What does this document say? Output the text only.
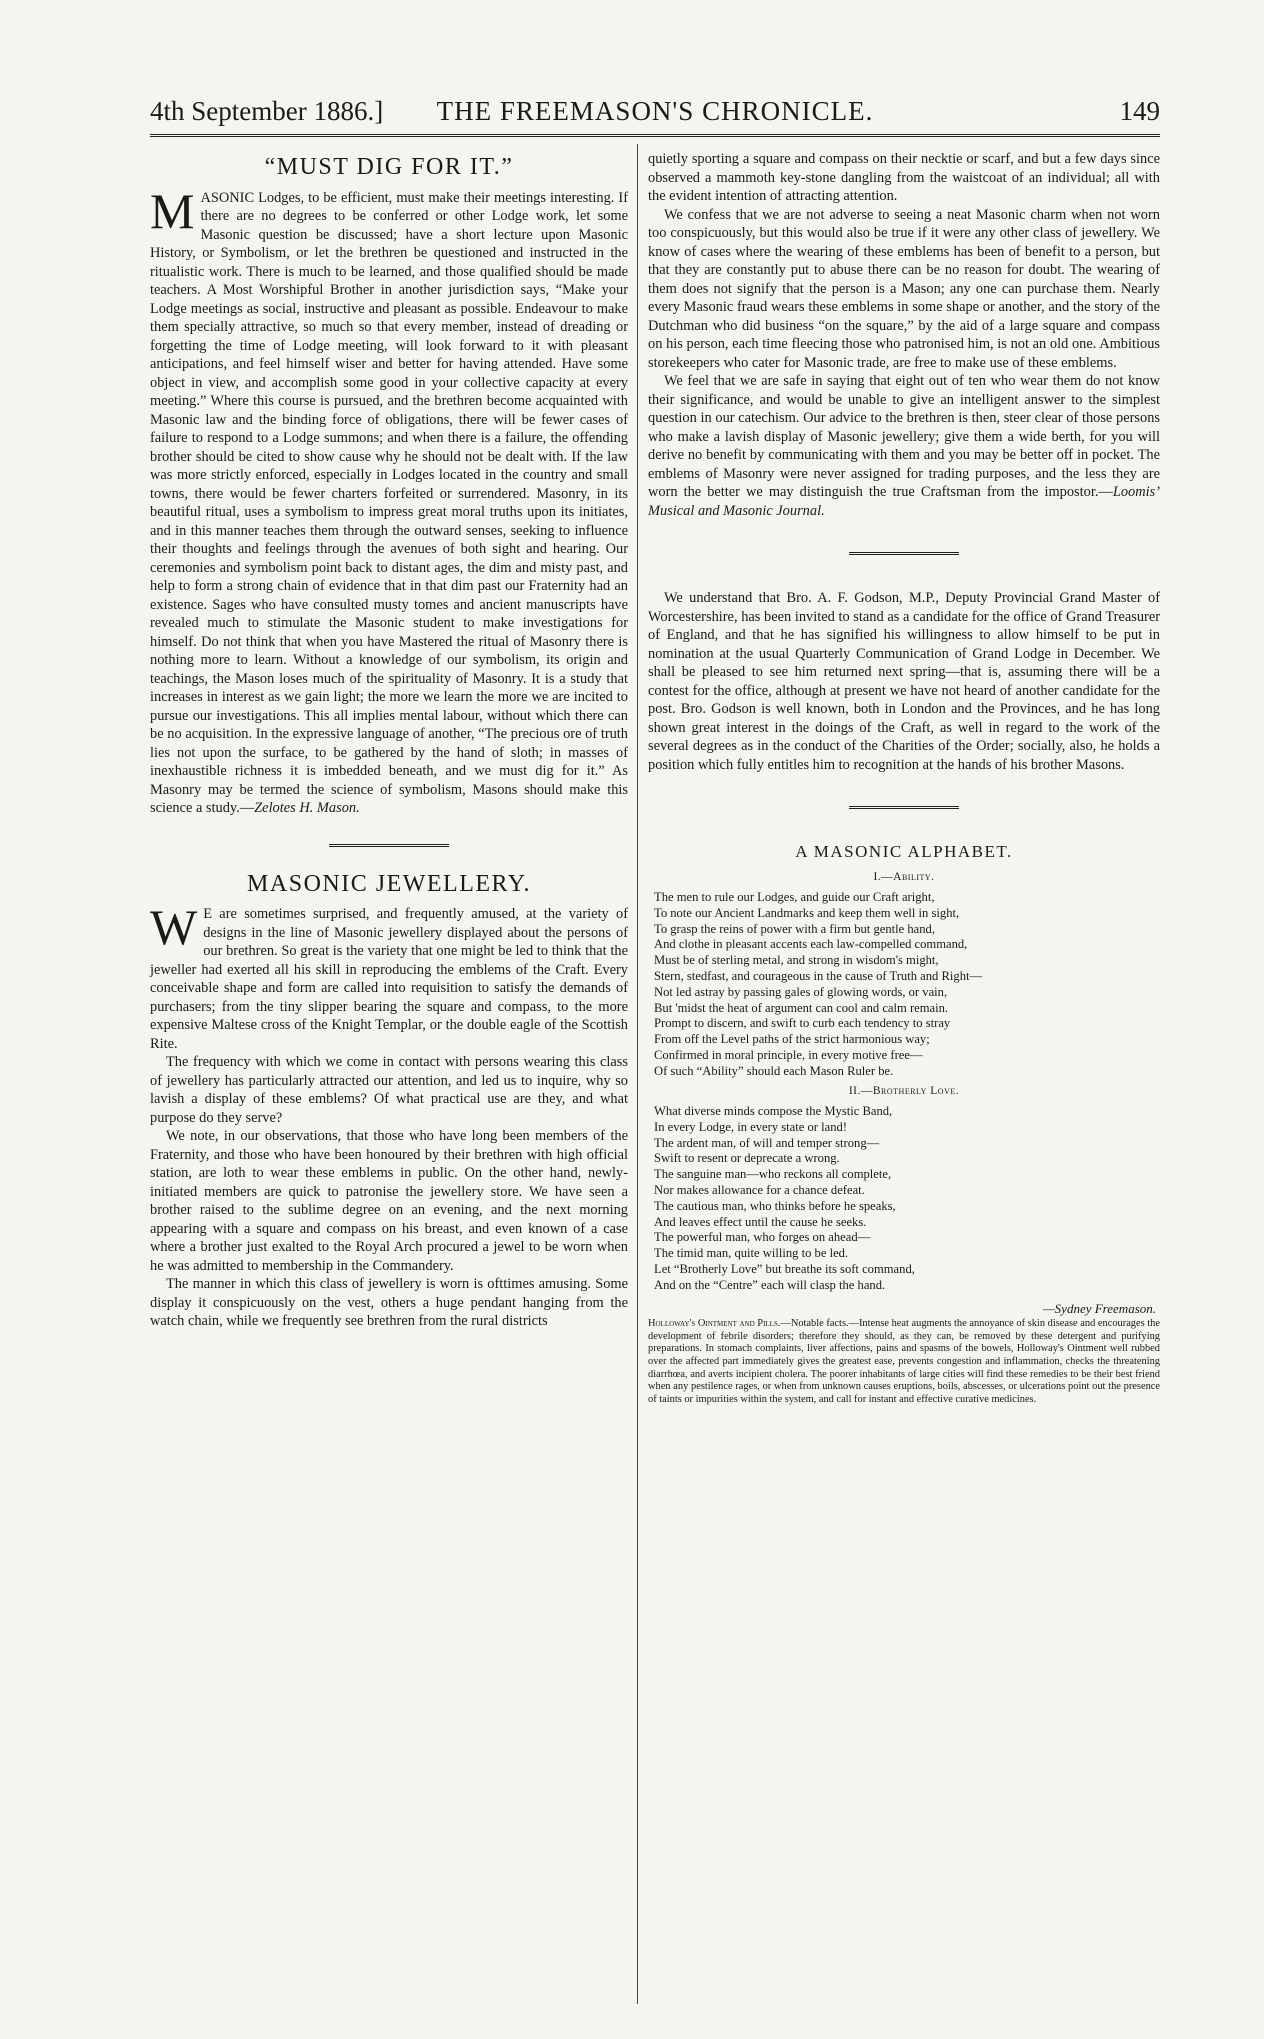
4th September 1886.]	THE FREEMASON'S CHRONICLE.	149
“MUST DIG FOR IT.”

MASONIC Lodges, to be efficient, must make their meetings interesting. If there are no degrees to be conferred or other Lodge work, let some Masonic question be discussed; have a short lecture upon Masonic History, or Symbolism, or let the brethren be questioned and instructed in the ritualistic work. There is much to be learned, and those qualified should be made teachers. A Most Worshipful Brother in another jurisdiction says, “Make your Lodge meetings as social, instructive and pleasant as possible. Endeavour to make them specially attractive, so much so that every member, instead of dreading or forgetting the time of Lodge meeting, will look forward to it with pleasant anticipations, and feel himself wiser and better for having attended. Have some object in view, and accomplish some good in your collective capacity at every meeting.” Where this course is pursued, and the brethren become acquainted with Masonic law and the binding force of obligations, there will be fewer cases of failure to respond to a Lodge summons; and when there is a failure, the offending brother should be cited to show cause why he should not be dealt with. If the law was more strictly enforced, especially in Lodges located in the country and small towns, there would be fewer charters forfeited or surrendered. Masonry, in its beautiful ritual, uses a symbolism to impress great moral truths upon its initiates, and in this manner teaches them through the outward senses, seeking to influence their thoughts and feelings through the avenues of both sight and hearing. Our ceremonies and symbolism point back to distant ages, the dim and misty past, and help to form a strong chain of evidence that in that dim past our Fraternity had an existence. Sages who have consulted musty tomes and ancient manuscripts have revealed much to stimulate the Masonic student to make investigations for himself. Do not think that when you have Mastered the ritual of Masonry there is nothing more to learn. Without a knowledge of our symbolism, its origin and teachings, the Mason loses much of the spirituality of Masonry. It is a study that increases in interest as we gain light; the more we learn the more we are incited to pursue our investigations. This all implies mental labour, without which there can be no acquisition. In the expressive language of another, “The precious ore of truth lies not upon the surface, to be gathered by the hand of sloth; in masses of inexhaustible richness it is imbedded beneath, and we must dig for it.” As Masonry may be termed the science of symbolism, Masons should make this science a study.—Zelotes H. Mason.

MASONIC JEWELLERY.

W E are sometimes surprised, and frequently amused, at the variety of designs in the line of Masonic jewellery displayed about the persons of our brethren. So great is the variety that one might be led to think that the jeweller had exerted all his skill in reproducing the emblems of the Craft. Every conceivable shape and form are called into requisition to satisfy the demands of purchasers; from the tiny slipper bearing the square and compass, to the more expensive Maltese cross of the Knight Templar, or the double eagle of the Scottish Rite.

The frequency with which we come in contact with persons wearing this class of jewellery has particularly attracted our attention, and led us to inquire, why so lavish a display of these emblems? Of what practical use are they, and what purpose do they serve?

We note, in our observations, that those who have long been members of the Fraternity, and those who have been honoured by their brethren with high official station, are loth to wear these emblems in public. On the other hand, newly-initiated members are quick to patronise the jewellery store. We have seen a brother raised to the sublime degree on an evening, and the next morning appearing with a square and compass on his breast, and even known of a case where a brother just exalted to the Royal Arch procured a jewel to be worn when he was admitted to membership in the Commandery.

The manner in which this class of jewellery is worn is ofttimes amusing. Some display it conspicuously on the vest, others a huge pendant hanging from the watch chain, while we frequently see brethren from the rural districts

quietly sporting a square and compass on their necktie or scarf, and but a few days since observed a mammoth key-stone dangling from the waistcoat of an individual; all with the evident intention of attracting attention.

We confess that we are not adverse to seeing a neat Masonic charm when not worn too conspicuously, but this would also be true if it were any other class of jewellery. We know of cases where the wearing of these emblems has been of benefit to a person, but that they are constantly put to abuse there can be no reason for doubt. The wearing of them does not signify that the person is a Mason; any one can purchase them. Nearly every Masonic fraud wears these emblems in some shape or another, and the story of the Dutchman who did business “on the square,” by the aid of a large square and compass on his person, each time fleecing those who patronised him, is not an old one. Ambitious storekeepers who cater for Masonic trade, are free to make use of these emblems.

We feel that we are safe in saying that eight out of ten who wear them do not know their significance, and would be unable to give an intelligent answer to the simplest question in our catechism. Our advice to the brethren is then, steer clear of those persons who make a lavish display of Masonic jewellery; give them a wide berth, for you will derive no benefit by communicating with them and you may be better off in pocket. The emblems of Masonry were never assigned for trading purposes, and the less they are worn the better we may distinguish the true Craftsman from the impostor.—Loomis’ Musical and Masonic Journal.

We understand that Bro. A. F. Godson, M.P., Deputy Provincial Grand Master of Worcestershire, has been invited to stand as a candidate for the office of Grand Treasurer of England, and that he has signified his willingness to allow himself to be put in nomination at the usual Quarterly Communication of Grand Lodge in December. We shall be pleased to see him returned next spring—that is, assuming there will be a contest for the office, although at present we have not heard of another candidate for the post. Bro. Godson is well known, both in London and the Provinces, and he has long shown great interest in the doings of the Craft, as well in regard to the work of the several degrees as in the conduct of the Charities of the Order; socially, also, he holds a position which fully entitles him to recognition at the hands of his brother Masons.

A MASONIC ALPHABET.
I.—Ability.
The men to rule our Lodges, and guide our Craft aright,
To note our Ancient Landmarks and keep them well in sight,
To grasp the reins of power with a firm but gentle hand,
And clothe in pleasant accents each law-compelled command,
Must be of sterling metal, and strong in wisdom's might,
Stern, stedfast, and courageous in the cause of Truth and Right—
Not led astray by passing gales of glowing words, or vain,
But 'midst the heat of argument can cool and calm remain.
Prompt to discern, and swift to curb each tendency to stray
From off the Level paths of the strict harmonious way;
Confirmed in moral principle, in every motive free—
Of such “Ability” should each Mason Ruler be.
II.—Brotherly Love.
What diverse minds compose the Mystic Band,
In every Lodge, in every state or land!
The ardent man, of will and temper strong—
Swift to resent or deprecate a wrong.
The sanguine man—who reckons all complete,
Nor makes allowance for a chance defeat.
The cautious man, who thinks before he speaks,
And leaves effect until the cause he seeks.
The powerful man, who forges on ahead—
The timid man, quite willing to be led.
Let “Brotherly Love” but breathe its soft command,
And on the “Centre” each will clasp the hand.
—Sydney Freemason.

Holloway's Ointment and Pills.—Notable facts.—Intense heat augments the annoyance of skin disease and encourages the development of febrile disorders; therefore they should, as they can, be removed by these detergent and purifying preparations. In stomach complaints, liver affections, pains and spasms of the bowels, Holloway's Ointment well rubbed over the affected part immediately gives the greatest ease, prevents congestion and inflammation, checks the threatening diarrhœa, and averts incipient cholera. The poorer inhabitants of large cities will find these remedies to be their best friend when any pestilence rages, or when from unknown causes eruptions, boils, abscesses, or ulcerations point out the presence of taints or impurities within the system, and call for instant and effective curative medicines.
